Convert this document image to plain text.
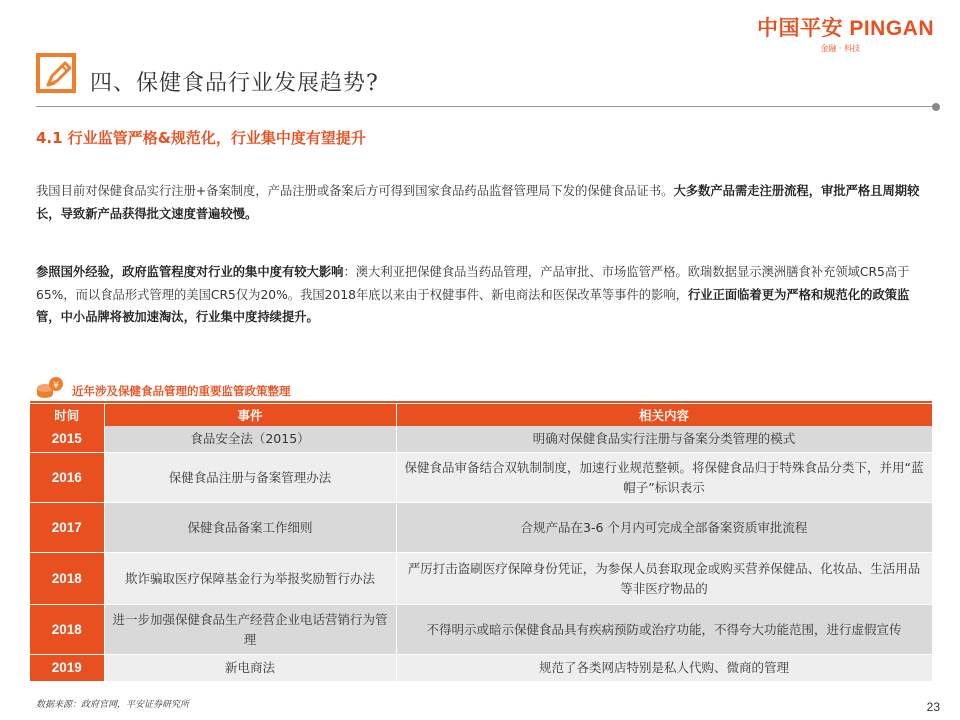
中国平安 PINGAN
金融 · 科技
四、保健食品行业发展趋势?
4.1 行业监管严格&规范化，行业集中度有望提升
我国目前对保健食品实行注册+备案制度，产品注册或备案后方可得到国家食品药品监督管理局下发的保健食品证书。大多数产品需走注册流程，审批严格且周期较长，导致新产品获得批文速度普遍较慢。
参照国外经验，政府监管程度对行业的集中度有较大影响：澳大利亚把保健食品当药品管理，产品审批、市场监管严格。欧瑞数据显示澳洲膳食补充领域CR5高于65%，而以食品形式管理的美国CR5仅为20%。我国2018年底以来由于权健事件、新电商法和医保改革等事件的影响，行业正面临着更为严格和规范化的政策监管，中小品牌将被加速淘汰，行业集中度持续提升。
¥ 近年涉及保健食品管理的重要监管政策整理
时间	事件	相关内容
2015	食品安全法（2015）	明确对保健食品实行注册与备案分类管理的模式
2016	保健食品注册与备案管理办法	保健食品审备结合双轨制制度，加速行业规范整顿。将保健食品归于特殊食品分类下，并用“蓝帽子”标识表示
2017	保健食品备案工作细则	合规产品在3-6 个月内可完成全部备案资质审批流程
2018	欺诈骗取医疗保障基金行为举报奖励暂行办法	严厉打击盗刷医疗保障身份凭证，为参保人员套取现金或购买营养保健品、化妆品、生活用品等非医疗物品的
2018	进一步加强保健食品生产经营企业电话营销行为管理	不得明示或暗示保健食品具有疾病预防或治疗功能，不得夸大功能范围，进行虚假宣传
2019	新电商法	规范了各类网店特别是私人代购、微商的管理
数据来源：政府官网，平安证券研究所	23
